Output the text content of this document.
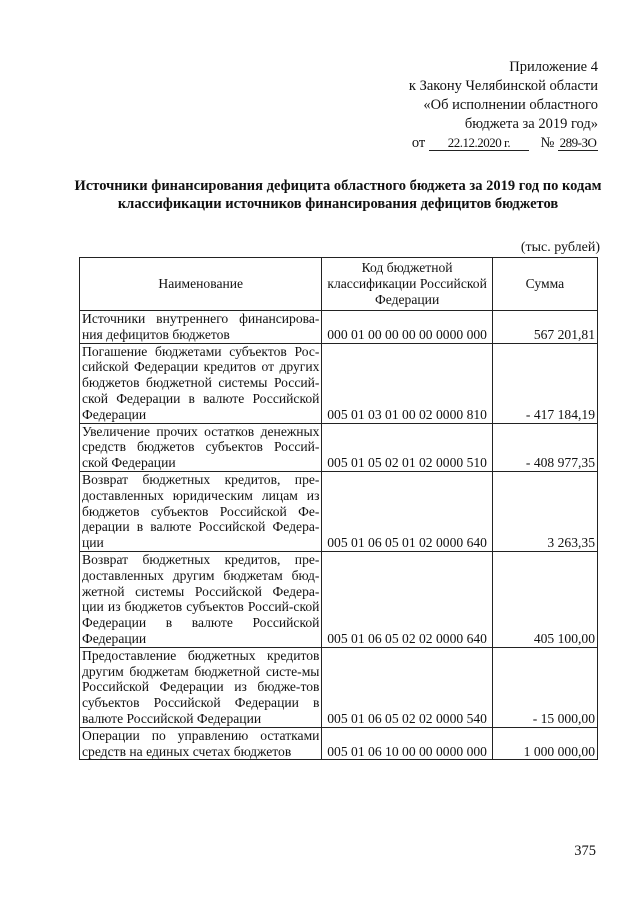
Приложение 4
к Закону Челябинской области
«Об исполнении областного
бюджета за 2019 год»
от 22.12.2020 г. № 289-ЗО
Источники финансирования дефицита областного бюджета за 2019 год по кодам классификации источников финансирования дефицитов бюджетов
(тыс. рублей)
Наименование	Код бюджетной классификации Российской Федерации	Сумма
Источники внутреннего финансирова-ния дефицитов бюджетов	000 01 00 00 00 00 0000 000	567 201,81
Погашение бюджетами субъектов Рос-сийской Федерации кредитов от других бюджетов бюджетной системы Россий-ской Федерации в валюте Российской Федерации	005 01 03 01 00 02 0000 810	- 417 184,19
Увеличение прочих остатков денежных средств бюджетов субъектов Россий-ской Федерации	005 01 05 02 01 02 0000 510	- 408 977,35
Возврат бюджетных кредитов, пре-доставленных юридическим лицам из бюджетов субъектов Российской Фе-дерации в валюте Российской Федера-ции	005 01 06 05 01 02 0000 640	3 263,35
Возврат бюджетных кредитов, пре-доставленных другим бюджетам бюд-жетной системы Российской Федера-ции из бюджетов субъектов Россий-ской Федерации в валюте Российской Федерации	005 01 06 05 02 02 0000 640	405 100,00
Предоставление бюджетных кредитов другим бюджетам бюджетной систе-мы Российской Федерации из бюдже-тов субъектов Российской Федерации в валюте Российской Федерации	005 01 06 05 02 02 0000 540	- 15 000,00
Операции по управлению остатками средств на единых счетах бюджетов	005 01 06 10 00 00 0000 000	1 000 000,00
375
